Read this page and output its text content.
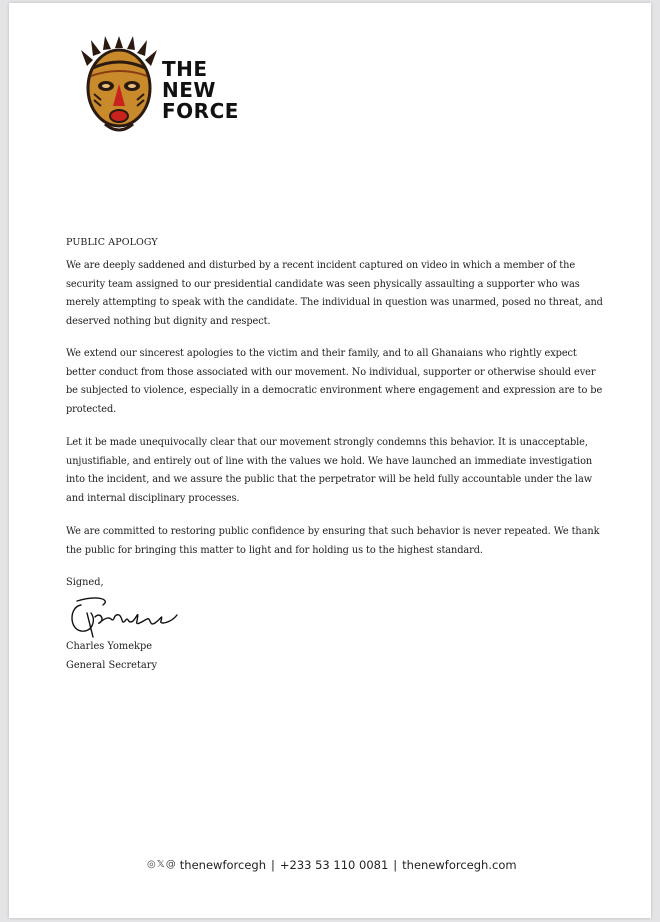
THE
NEW
FORCE
PUBLIC APOLOGY

We are deeply saddened and disturbed by a recent incident captured on video in which a member of the security team assigned to our presidential candidate was seen physically assaulting a supporter who was merely attempting to speak with the candidate. The individual in question was unarmed, posed no threat, and deserved nothing but dignity and respect.

We extend our sincerest apologies to the victim and their family, and to all Ghanaians who rightly expect better conduct from those associated with our movement. No individual, supporter or otherwise should ever be subjected to violence, especially in a democratic environment where engagement and expression are to be protected.

Let it be made unequivocally clear that our movement strongly condemns this behavior. It is unacceptable, unjustifiable, and entirely out of line with the values we hold. We have launched an immediate investigation into the incident, and we assure the public that the perpetrator will be held fully accountable under the law and internal disciplinary processes.

We are committed to restoring public confidence by ensuring that such behavior is never repeated. We thank the public for bringing this matter to light and for holding us to the highest standard.

Signed,
Charles Yomekpe
General Secretary
◎ 𝕏 @ thenewforcegh | +233 53 110 0081 | thenewforcegh.com
